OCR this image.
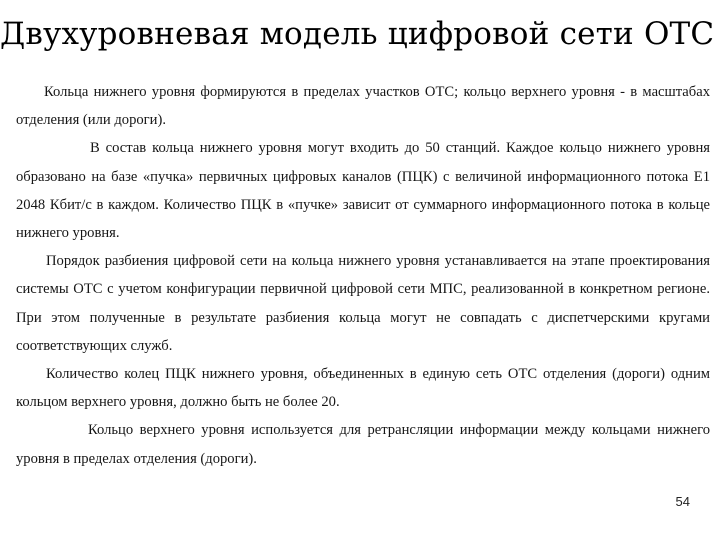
Двухуровневая модель цифровой сети ОТС

Кольца нижнего уровня формируются в пределах участков ОТС; кольцо верхнего уровня - в масштабах отделения (или дороги).

В состав кольца нижнего уровня могут входить до 50 станций. Каждое кольцо нижнего уровня образовано на базе «пучка» первичных цифровых каналов (ПЦК) с величиной информационного потока Е1 2048 Кбит/с в каждом. Количество ПЦК в «пучке» зависит от суммарного информационного потока в кольце нижнего уровня.

Порядок разбиения цифровой сети на кольца нижнего уровня устанавливается на этапе проектирования системы ОТС с учетом конфигурации первичной цифровой сети МПС, реализованной в конкретном регионе. При этом полученные в результате разбиения кольца могут не совпадать с диспетчерскими кругами соответствующих служб.

Количество колец ПЦК нижнего уровня, объединенных в единую сеть ОТС отделения (дороги) одним кольцом верхнего уровня, должно быть не более 20.

Кольцо верхнего уровня используется для ретрансляции информации между кольцами нижнего уровня в пределах отделения (дороги).

54
